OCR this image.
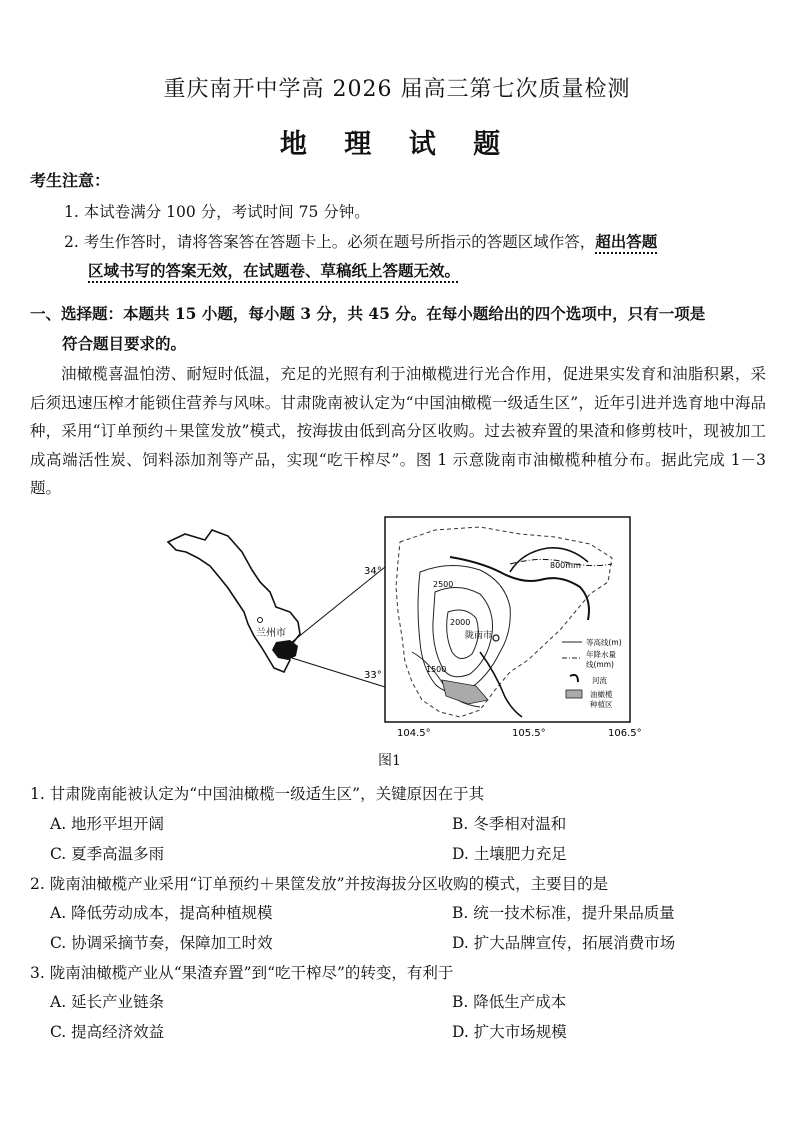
重庆南开中学高 2026 届高三第七次质量检测
地 理 试 题
考生注意：
1. 本试卷满分 100 分，考试时间 75 分钟。
2. 考生作答时，请将答案答在答题卡上。必须在题号所指示的答题区域作答，超出答题
区域书写的答案无效，在试题卷、草稿纸上答题无效。
一、选择题：本题共 15 小题，每小题 3 分，共 45 分。在每小题给出的四个选项中，只有一项是
符合题目要求的。
油橄榄喜温怕涝、耐短时低温，充足的光照有利于油橄榄进行光合作用，促进果实发育和油脂积累，采后须迅速压榨才能锁住营养与风味。甘肃陇南被认定为“中国油橄榄一级适生区”，近年引进并选育地中海品种，采用“订单预约＋果筐发放”模式，按海拔由低到高分区收购。过去被弃置的果渣和修剪枝叶，现被加工成高端活性炭、饲料添加剂等产品，实现“吃干榨尽”。图 1 示意陇南市油橄榄种植分布。据此完成 1－3 题。
兰州市
34°
33°
800mm
2500
2000
1500
陇南市
等高线(m)
年降水量
线(mm)
河流
油橄榄
种植区
104.5°	105.5°	106.5°
图1
1. 甘肃陇南能被认定为“中国油橄榄一级适生区”，关键原因在于其
A. 地形平坦开阔	B. 冬季相对温和
C. 夏季高温多雨	D. 土壤肥力充足
2. 陇南油橄榄产业采用“订单预约＋果筐发放”并按海拔分区收购的模式，主要目的是
A. 降低劳动成本，提高种植规模	B. 统一技术标准，提升果品质量
C. 协调采摘节奏，保障加工时效	D. 扩大品牌宣传，拓展消费市场
3. 陇南油橄榄产业从“果渣弃置”到“吃干榨尽”的转变，有利于
A. 延长产业链条	B. 降低生产成本
C. 提高经济效益	D. 扩大市场规模
